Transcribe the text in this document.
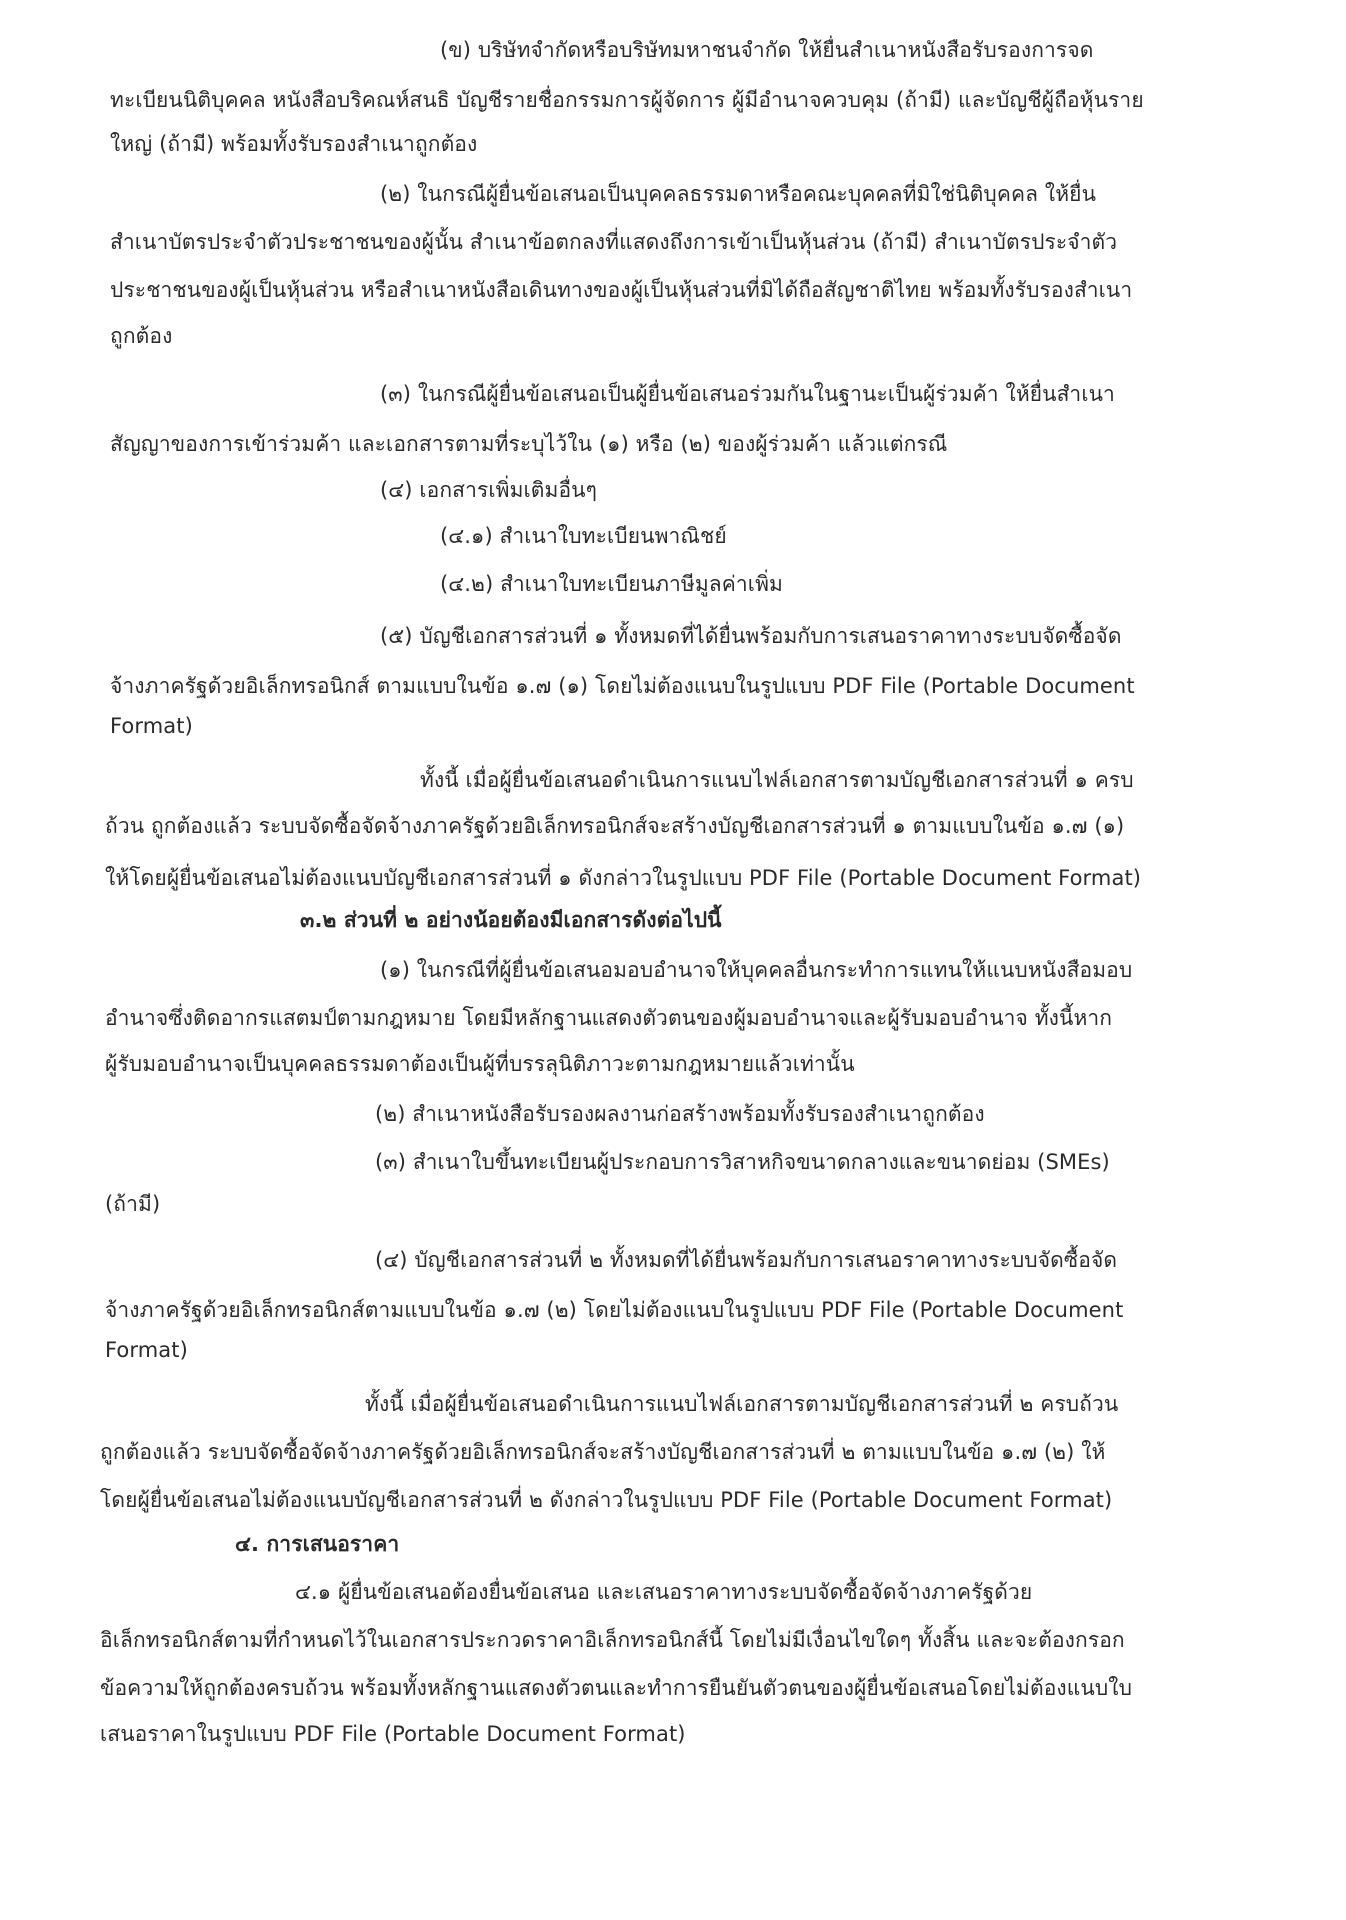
(ข) บริษัทจำกัดหรือบริษัทมหาชนจำกัด ให้ยื่นสำเนาหนังสือรับรองการจด
ทะเบียนนิติบุคคล หนังสือบริคณห์สนธิ บัญชีรายชื่อกรรมการผู้จัดการ ผู้มีอำนาจควบคุม (ถ้ามี) และบัญชีผู้ถือหุ้นราย
ใหญ่ (ถ้ามี) พร้อมทั้งรับรองสำเนาถูกต้อง
(๒) ในกรณีผู้ยื่นข้อเสนอเป็นบุคคลธรรมดาหรือคณะบุคคลที่มิใช่นิติบุคคล ให้ยื่น
สำเนาบัตรประจำตัวประชาชนของผู้นั้น สำเนาข้อตกลงที่แสดงถึงการเข้าเป็นหุ้นส่วน (ถ้ามี) สำเนาบัตรประจำตัว
ประชาชนของผู้เป็นหุ้นส่วน หรือสำเนาหนังสือเดินทางของผู้เป็นหุ้นส่วนที่มิได้ถือสัญชาติไทย พร้อมทั้งรับรองสำเนา
ถูกต้อง
(๓) ในกรณีผู้ยื่นข้อเสนอเป็นผู้ยื่นข้อเสนอร่วมกันในฐานะเป็นผู้ร่วมค้า ให้ยื่นสำเนา
สัญญาของการเข้าร่วมค้า และเอกสารตามที่ระบุไว้ใน (๑) หรือ (๒) ของผู้ร่วมค้า แล้วแต่กรณี
(๔) เอกสารเพิ่มเติมอื่นๆ
(๔.๑) สำเนาใบทะเบียนพาณิชย์
(๔.๒) สำเนาใบทะเบียนภาษีมูลค่าเพิ่ม
(๕) บัญชีเอกสารส่วนที่ ๑ ทั้งหมดที่ได้ยื่นพร้อมกับการเสนอราคาทางระบบจัดซื้อจัด
จ้างภาครัฐด้วยอิเล็กทรอนิกส์ ตามแบบในข้อ ๑.๗ (๑) โดยไม่ต้องแนบในรูปแบบ PDF File (Portable Document
Format)
ทั้งนี้ เมื่อผู้ยื่นข้อเสนอดำเนินการแนบไฟล์เอกสารตามบัญชีเอกสารส่วนที่ ๑ ครบ
ถ้วน ถูกต้องแล้ว ระบบจัดซื้อจัดจ้างภาครัฐด้วยอิเล็กทรอนิกส์จะสร้างบัญชีเอกสารส่วนที่ ๑ ตามแบบในข้อ ๑.๗ (๑)
ให้โดยผู้ยื่นข้อเสนอไม่ต้องแนบบัญชีเอกสารส่วนที่ ๑ ดังกล่าวในรูปแบบ PDF File (Portable Document Format)
๓.๒ ส่วนที่ ๒ อย่างน้อยต้องมีเอกสารดังต่อไปนี้
(๑) ในกรณีที่ผู้ยื่นข้อเสนอมอบอำนาจให้บุคคลอื่นกระทำการแทนให้แนบหนังสือมอบ
อำนาจซึ่งติดอากรแสตมป์ตามกฎหมาย โดยมีหลักฐานแสดงตัวตนของผู้มอบอำนาจและผู้รับมอบอำนาจ ทั้งนี้หาก
ผู้รับมอบอำนาจเป็นบุคคลธรรมดาต้องเป็นผู้ที่บรรลุนิติภาวะตามกฎหมายแล้วเท่านั้น
(๒) สำเนาหนังสือรับรองผลงานก่อสร้างพร้อมทั้งรับรองสำเนาถูกต้อง
(๓) สำเนาใบขึ้นทะเบียนผู้ประกอบการวิสาหกิจขนาดกลางและขนาดย่อม (SMEs)
(ถ้ามี)
(๔) บัญชีเอกสารส่วนที่ ๒ ทั้งหมดที่ได้ยื่นพร้อมกับการเสนอราคาทางระบบจัดซื้อจัด
จ้างภาครัฐด้วยอิเล็กทรอนิกส์ตามแบบในข้อ ๑.๗ (๒) โดยไม่ต้องแนบในรูปแบบ PDF File (Portable Document
Format)
ทั้งนี้ เมื่อผู้ยื่นข้อเสนอดำเนินการแนบไฟล์เอกสารตามบัญชีเอกสารส่วนที่ ๒ ครบถ้วน
ถูกต้องแล้ว ระบบจัดซื้อจัดจ้างภาครัฐด้วยอิเล็กทรอนิกส์จะสร้างบัญชีเอกสารส่วนที่ ๒ ตามแบบในข้อ ๑.๗ (๒) ให้
โดยผู้ยื่นข้อเสนอไม่ต้องแนบบัญชีเอกสารส่วนที่ ๒ ดังกล่าวในรูปแบบ PDF File (Portable Document Format)
๔. การเสนอราคา
๔.๑ ผู้ยื่นข้อเสนอต้องยื่นข้อเสนอ และเสนอราคาทางระบบจัดซื้อจัดจ้างภาครัฐด้วย
อิเล็กทรอนิกส์ตามที่กำหนดไว้ในเอกสารประกวดราคาอิเล็กทรอนิกส์นี้ โดยไม่มีเงื่อนไขใดๆ ทั้งสิ้น และจะต้องกรอก
ข้อความให้ถูกต้องครบถ้วน พร้อมทั้งหลักฐานแสดงตัวตนและทำการยืนยันตัวตนของผู้ยื่นข้อเสนอโดยไม่ต้องแนบใบ
เสนอราคาในรูปแบบ PDF File (Portable Document Format)
